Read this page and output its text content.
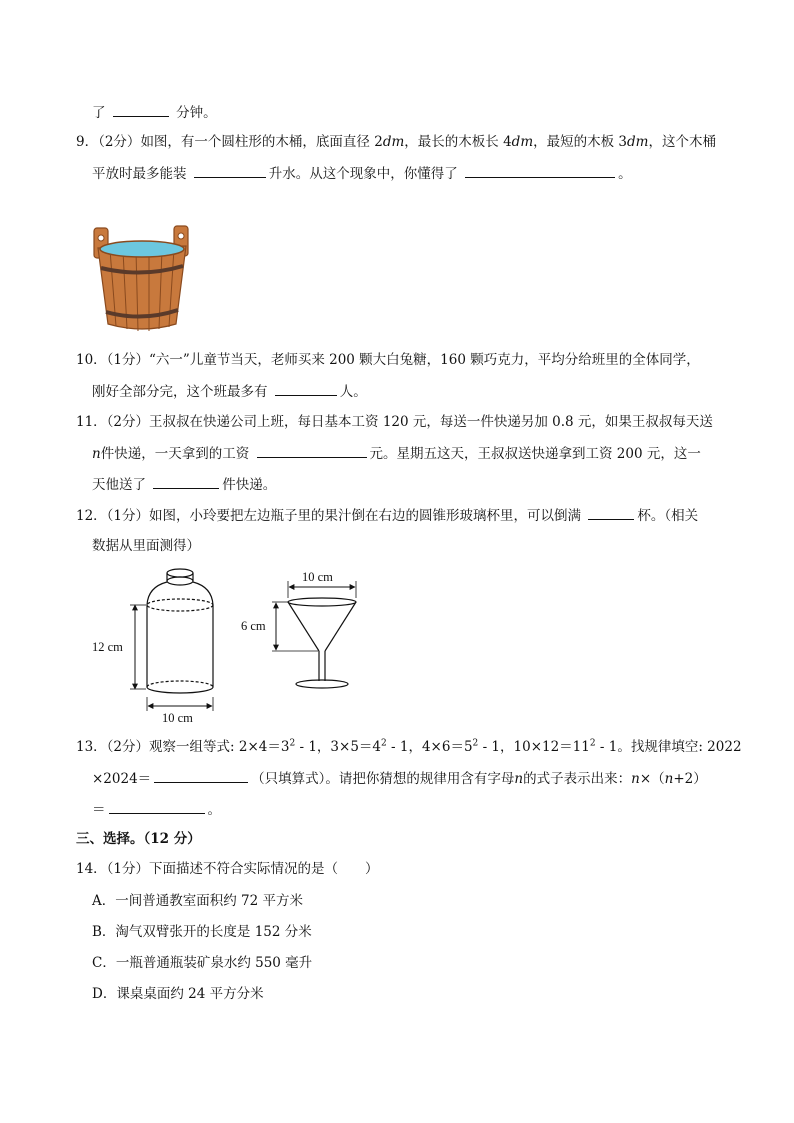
了	分钟。
9．（2分）如图，有一个圆柱形的木桶，底面直径 2dm，最长的木板长 4dm，最短的木板 3dm，这个木桶
平放时最多能装	升水。从这个现象中，你懂得了	。
10．（1分）“六一”儿童节当天，老师买来 200 颗大白兔糖，160 颗巧克力，平均分给班里的全体同学，
刚好全部分完，这个班最多有	人。
11．（2分）王叔叔在快递公司上班，每日基本工资 120 元，每送一件快递另加 0.8 元，如果王叔叔每天送
n件快递，一天拿到的工资	元。星期五这天，王叔叔送快递拿到工资 200 元，这一
天他送了	件快递。
12．（1分）如图，小玲要把左边瓶子里的果汁倒在右边的圆锥形玻璃杯里，可以倒满	杯。（相关
数据从里面测得）
12 cm
10 cm
10 cm
6 cm
13．（2分）观察一组等式: $2\times 4=3^2 - 1$，$3\times 5=4^2 - 1$，$4\times 6=5^2 - 1$，$10\times 12=11^2 - 1$。找规律填空: 2022
×2024＝	（只填算式）。请把你猜想的规律用含有字母n的式子表示出来：n×（n+2）
＝	。
三、选择。（12 分）
14．（1分）下面描述不符合实际情况的是（　　）
A．一间普通教室面积约 72 平方米
B．淘气双臂张开的长度是 152 分米
C．一瓶普通瓶装矿泉水约 550 毫升
D．课桌桌面约 24 平方分米
